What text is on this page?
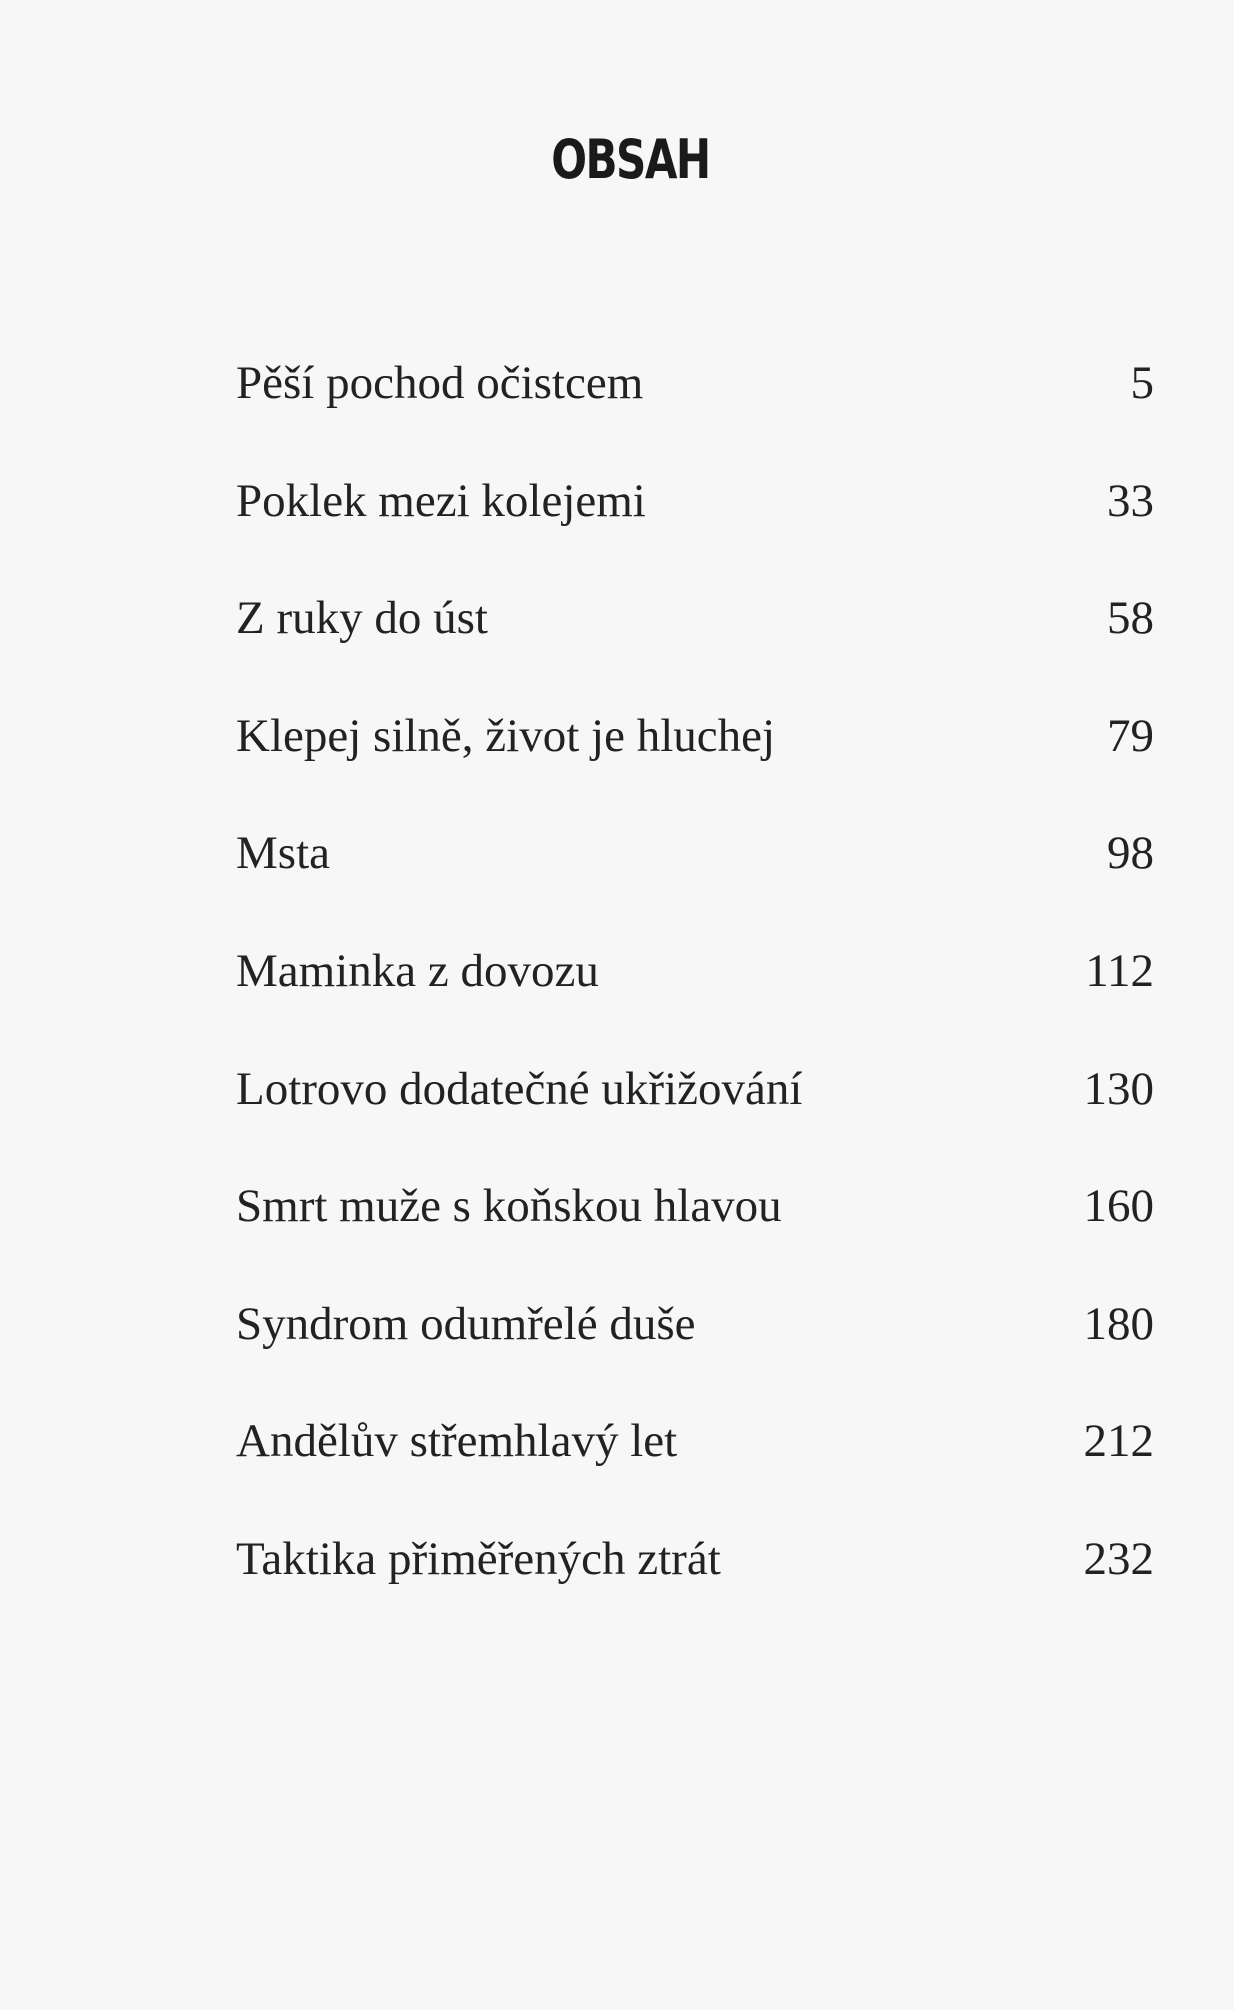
OBSAH
Pěší pochod očistcem	5
Poklek mezi kolejemi	33
Z ruky do úst	58
Klepej silně, život je hluchej	79
Msta	98
Maminka z dovozu	112
Lotrovo dodatečné ukřižování	130
Smrt muže s koňskou hlavou	160
Syndrom odumřelé duše	180
Andělův střemhlavý let	212
Taktika přiměřených ztrát	232
